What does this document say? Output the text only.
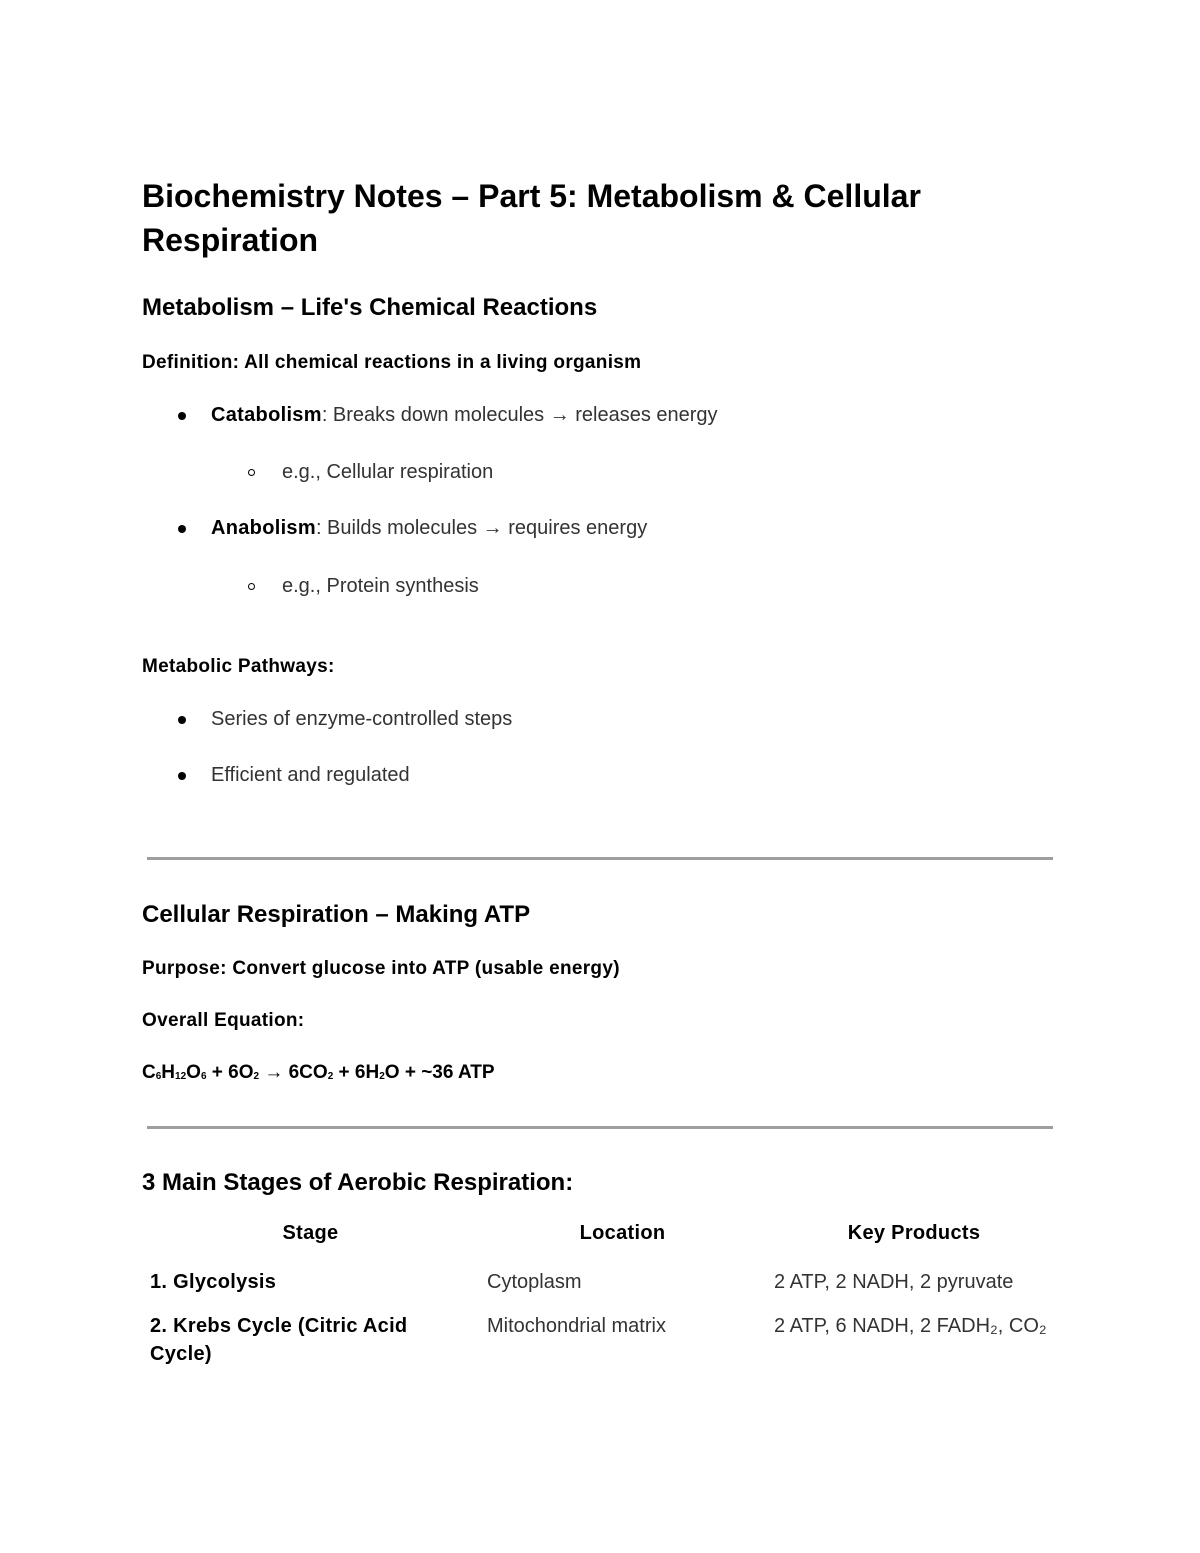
Biochemistry Notes – Part 5: Metabolism & Cellular Respiration
Metabolism – Life's Chemical Reactions
Definition: All chemical reactions in a living organism
Catabolism: Breaks down molecules → releases energy
e.g., Cellular respiration
Anabolism: Builds molecules → requires energy
e.g., Protein synthesis
Metabolic Pathways:
Series of enzyme-controlled steps
Efficient and regulated
Cellular Respiration – Making ATP
Purpose: Convert glucose into ATP (usable energy)
Overall Equation:
$C_6H_{12}O_6 + 6O_2 \to 6CO_2 + 6H_2O$ + ~36 ATP
3 Main Stages of Aerobic Respiration:
Stage	Location	Key Products
1. Glycolysis	Cytoplasm	2 ATP, 2 NADH, 2 pyruvate
2. Krebs Cycle (Citric Acid Cycle)	Mitochondrial matrix	2 ATP, 6 NADH, 2 FADH₂, CO₂
